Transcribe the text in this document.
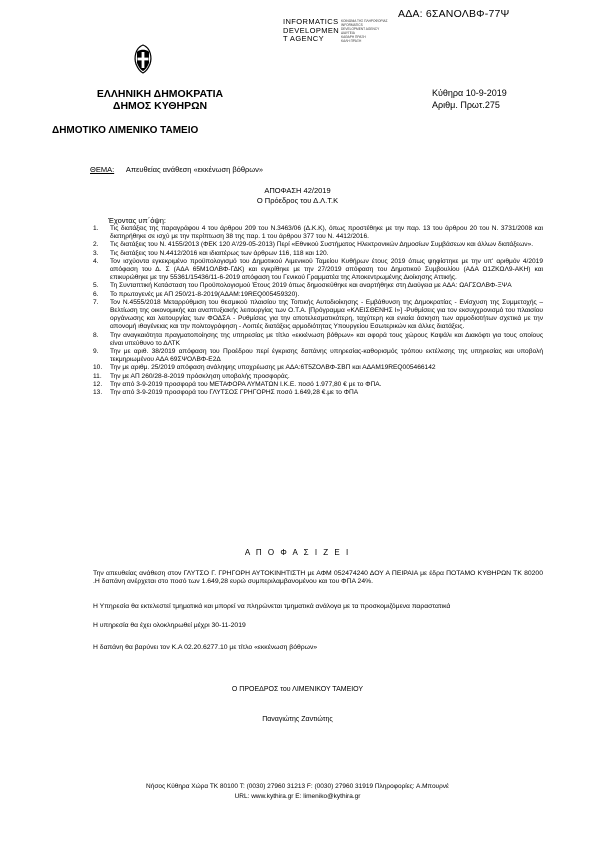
ΑΔΑ: 6ΣΑΝΟΛΒΦ-77Ψ
INFORMATICS
DEVELOPMEN
T AGENCY
ΚΟΙΝΩΝΙΑ ΤΗΣ ΠΛΗΡΟΦΟΡΙΑΣ
INFORMATICS
DEVELOPMENT AGENCY
ΔΙΑΥΓΕΙΑ
ΚΑΘΑΡΗ ΠΡΑΞΗ
ΚΑΛΗ ΠΡΑΞΗ
ΕΛΛΗΝΙΚΗ ΔΗΜΟΚΡΑΤΙΑ
ΔΗΜΟΣ ΚΥΘΗΡΩΝ
Κύθηρα 10-9-2019
Αριθμ. Πρωτ.275
ΔΗΜΟΤΙΚΟ ΛΙΜΕΝΙΚΟ ΤΑΜΕΙΟ
ΘΕΜΑ: Απευθείας ανάθεση «εκκένωση βόθρων»
ΑΠΟΦΑΣΗ 42/2019
Ο Πρόεδρος του Δ.Λ.Τ.Κ
Έχοντας υπ΄όψη:
1. Τις διατάξεις της παραγράφου 4 του άρθρου 209 του Ν.3463/06 (Δ.Κ.Κ), όπως προστέθηκε με την παρ. 13 του άρθρου 20 του Ν. 3731/2008 και διατηρήθηκε σε ισχύ με την περίπτωση 38 της παρ. 1 του άρθρου 377 του Ν. 4412/2016.
2. Τις διατάξεις του Ν. 4155/2013 (ΦΕΚ 120 Α'/29-05-2013) Περί «Εθνικού Συστήματος Ηλεκτρονικών Δημοσίων Συμβάσεων και άλλων διατάξεων».
3. Τις διατάξεις του Ν.4412/2016 και ιδιαιτέρως των άρθρων 116, 118 και 120.
4. Τον ισχύοντα εγκεκριμένο προϋπολογισμό του Δημοτικού Λιμενικού Ταμείου Κυθήρων έτους 2019 όπως ψηφίστηκε με την υπ' αριθμόν 4/2019 απόφαση του Δ. Σ (ΑΔΑ 65Μ1ΟΛΒΦ-ΓΔΚ) και εγκρίθηκε με την 27/2019 απόφαση του Δημοτικού Συμβουλίου (ΑΔΑ Ω1ΖΚΩΛ9-ΑΚΗ) και επικυρώθηκε με την 55361/15436/11-6-2019 απόφαση του Γενικού Γραμματέα της Αποκεντρωμένης Διοίκησης Αττικής.
5. Τη Συνταπτική Κατάσταση του Προϋπολογισμού Έτους 2019 όπως δημοσιεύθηκε και αναρτήθηκε στη Διαύγεια με ΑΔΑ: ΩΑΓΣΟΛΒΦ-ΞΨΑ
6. Το πρωτογενές με ΑΠ 250/21-8-2019(ΑΔΑΜ:19REQ005459320).
7. Τον Ν.4555/2018 Μεταρρύθμιση του θεσμικού πλαισίου της Τοπικής Αυτοδιοίκησης - Εμβάθυνση της Δημοκρατίας - Ενίσχυση της Συμμετοχής – Βελτίωση της οικονομικής και αναπτυξιακής λειτουργίας των Ο.Τ.Α. [Πρόγραμμα «ΚΛΕΙΣΘΕΝΗΣ Ι»] -Ρυθμίσεις για τον εκσυγχρονισμό του πλαισίου οργάνωσης και λειτουργίας των ΦΟΔΣΑ - Ρυθμίσεις για την αποτελεσματικότερη, ταχύτερη και ενιαία άσκηση των αρμοδιοτήτων σχετικά με την απονομή ιθαγένειας και την πολιτογράφηση - Λοιπές διατάξεις αρμοδιότητας Υπουργείου Εσωτερικών και άλλες διατάξεις.
8. Την αναγκαιότητα πραγματοποίησης της υπηρεσίας με τίτλο «εκκένωση βόθρων» και αφορά τους χώρους Καψάλι και Διακόφτι για τους οποίους είναι υπεύθυνο το ΔΛΤΚ
9. Την με αριθ. 38/2019 απόφαση του Προέδρου περί έγκρισης δαπάνης υπηρεσίας-καθορισμός τρόπου εκτέλεσης της υπηρεσίας και υποβολή τεκμηριωμένου ΑΔΑ 69ΣΨΟΛΒΦ-Ε2Δ
10. Την με αριθμ. 25/2019 απόφαση ανάληψης υποχρέωσης με ΑΔΑ:6Τ5ΖΟΛΒΦ-ΣΒΠ και ΑΔΑΜ19REQ005466142
11. Την με ΑΠ 260/28-8-2019 πρόσκληση υποβολής προσφοράς.
12. Την από 3-9-2019 προσφορά του ΜΕΤΑΦΟΡΑ ΛΥΜΑΤΩΝ Ι.Κ.Ε. ποσό 1.977,80 € με το ΦΠΑ.
13. Την από 3-9-2019 προσφορά του ΓΛΥΤΣΟΣ ΓΡΗΓΟΡΗΣ ποσό 1.649,28 €.με το ΦΠΑ
Α Π Ο Φ Α Σ Ι Ζ Ε Ι
Την απευθείας ανάθεση στον ΓΛΥΤΣΟ Γ. ΓΡΗΓΟΡΗ ΑΥΤΟΚΙΝΗΤΙΣΤΗ με ΑΦΜ 052474240 ΔΟΥ Α ΠΕΙΡΑΙΑ με έδρα ΠΟΤΑΜΟ ΚΥΘΗΡΩΝ ΤΚ 80200 .Η δαπάνη ανέρχεται στο ποσό των 1.649,28 ευρώ συμπεριλαμβανομένου και του ΦΠΑ 24%.
Η Υπηρεσία θα εκτελεστεί τμηματικά και μπορεί να πληρώνεται τμηματικά ανάλογα με τα προσκομιζόμενα παραστατικά
Η υπηρεσία θα έχει ολοκληρωθεί μέχρι 30-11-2019
Η δαπάνη θα βαρύνει τον Κ.Α 02.20.6277.10 με τίτλο «εκκένωση βόθρων»
Ο ΠΡΟΕΔΡΟΣ του ΛΙΜΕΝΙΚΟΥ ΤΑΜΕΙΟΥ
Παναγιώτης Ζαντιώτης
Νήσος Κύθηρα Χώρα ΤΚ 80100 Τ: (0030) 27960 31213 F: (0030) 27960 31919 Πληροφορίες: Α.Μπουρνέ
URL: www.kythira.gr E: limeniko@kythira.gr
